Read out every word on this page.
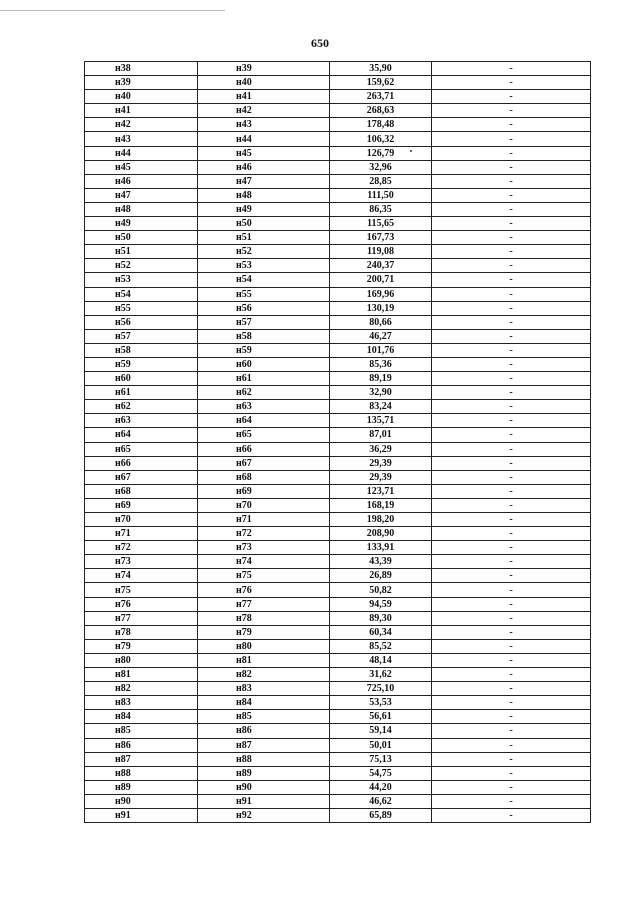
650
н38	н39	35,90	-
н39	н40	159,62	-
н40	н41	263,71	-
н41	н42	268,63	-
н42	н43	178,48	-
н43	н44	106,32	-
н44	н45	126,79	-
н45	н46	32,96	-
н46	н47	28,85	-
н47	н48	111,50	-
н48	н49	86,35	-
н49	н50	115,65	-
н50	н51	167,73	-
н51	н52	119,08	-
н52	н53	240,37	-
н53	н54	200,71	-
н54	н55	169,96	-
н55	н56	130,19	-
н56	н57	80,66	-
н57	н58	46,27	-
н58	н59	101,76	-
н59	н60	85,36	-
н60	н61	89,19	-
н61	н62	32,90	-
н62	н63	83,24	-
н63	н64	135,71	-
н64	н65	87,01	-
н65	н66	36,29	-
н66	н67	29,39	-
н67	н68	29,39	-
н68	н69	123,71	-
н69	н70	168,19	-
н70	н71	198,20	-
н71	н72	208,90	-
н72	н73	133,91	-
н73	н74	43,39	-
н74	н75	26,89	-
н75	н76	50,82	-
н76	н77	94,59	-
н77	н78	89,30	-
н78	н79	60,34	-
н79	н80	85,52	-
н80	н81	48,14	-
н81	н82	31,62	-
н82	н83	725,10	-
н83	н84	53,53	-
н84	н85	56,61	-
н85	н86	59,14	-
н86	н87	50,01	-
н87	н88	75,13	-
н88	н89	54,75	-
н89	н90	44,20	-
н90	н91	46,62	-
н91	н92	65,89	-
